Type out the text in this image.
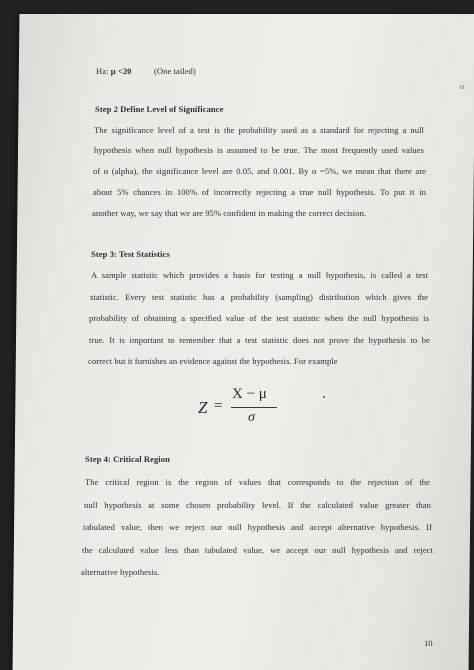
Ha: μ <20	(One tailed)
Step 2 Define Level of Significance
The significance level of a test is the probability used as a standard for rejecting a null
hypothesis when null hypothesis is assumed to be true. The most frequently used values
of α (alpha), the significance level are 0.05, and 0.001. By α =5%, we mean that there are
about 5% chances in 100% of incorrectly rejecting a true null hypothesis. To put it in
another way, we say that we are 95% confident in making the correct decision.
Step 3: Test Statistics
A sample statistic which provides a basis for testing a null hypothesis, is called a test
statistic. Every test statistic has a probability (sampling) distribution which gives the
probability of obtaining a specified value of the test statistic when the null hypothesis is
true. It is important to remember that a test statistic does not prove the hypothesis to be
correct but it furnishes an evidence against the hypothesis. For example
Z =
X − μ
σ
Step 4: Critical Region
The critical region is the region of values that corresponds to the rejection of the
null hypothesis at some chosen probability level. If the calculated value greater than
tabulated value, then we reject our null hypothesis and accept alternative hypothesis. If
the calculated value less than tabulated value, we accept our null hypothesis and reject
alternative hypothesis.
o
10
